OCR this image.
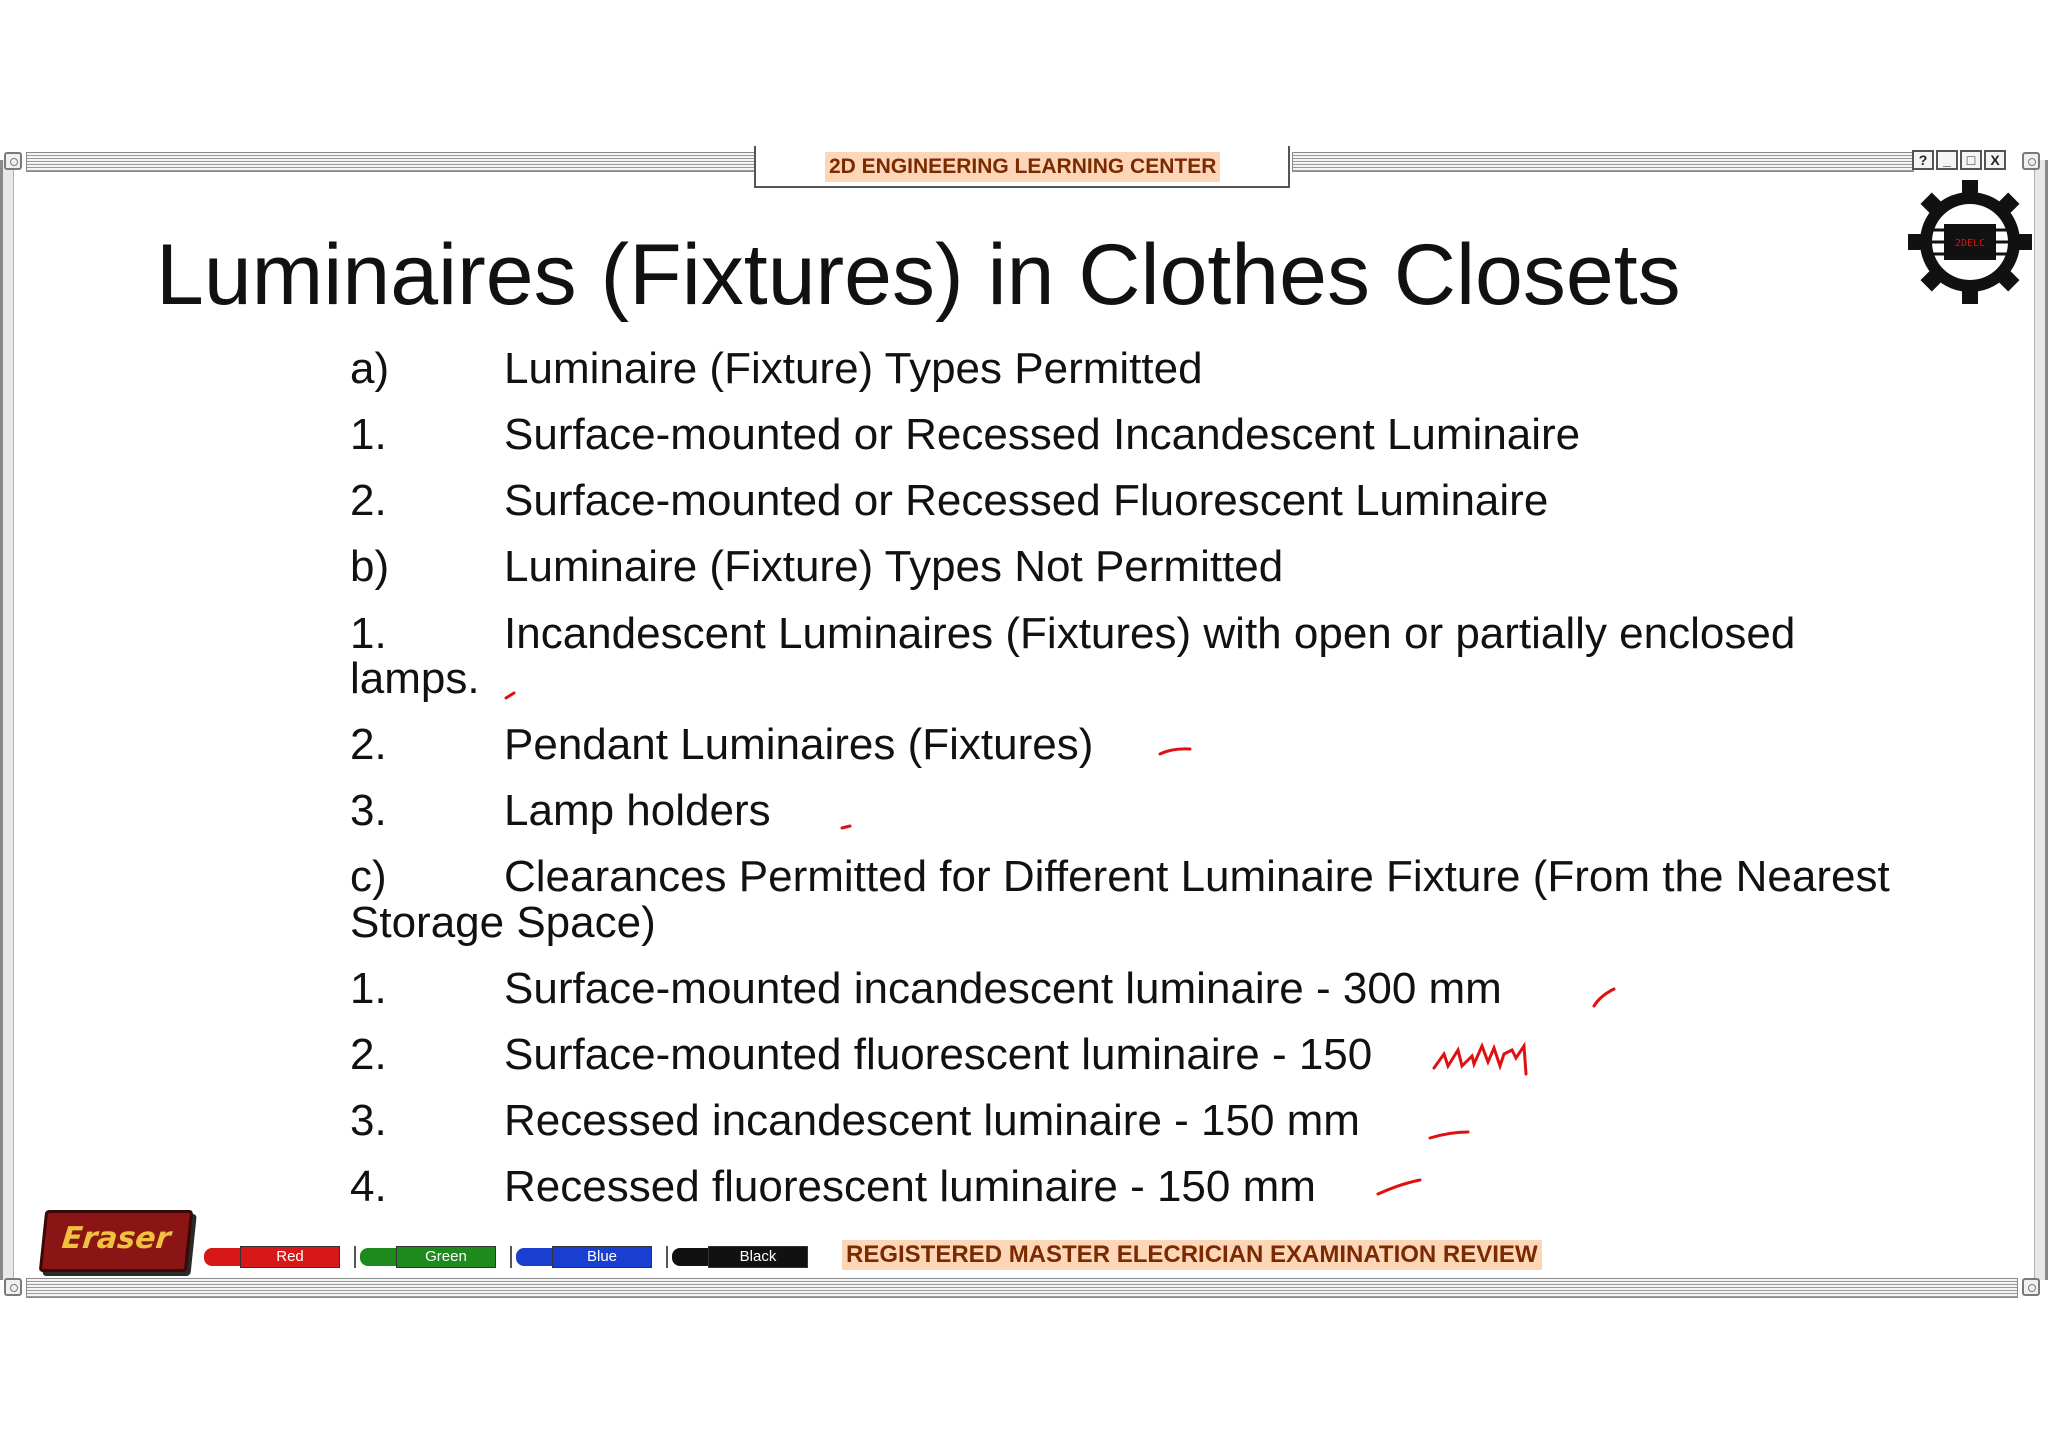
2D ENGINEERING LEARNING CENTER	?	_	□	X
2DELC
Luminaires (Fixtures) in Clothes Closets
a)	Luminaire (Fixture) Types Permitted
1.	Surface-mounted or Recessed Incandescent Luminaire
2.	Surface-mounted or Recessed Fluorescent Luminaire
b)	Luminaire (Fixture) Types Not Permitted
1.	Incandescent Luminaires (Fixtures) with open or partially enclosed
lamps.
2.	Pendant Luminaires (Fixtures)
3.	Lamp holders
c)	Clearances Permitted for Different Luminaire Fixture (From the Nearest
Storage Space)
1.	Surface-mounted incandescent luminaire - 300 mm
2.	Surface-mounted fluorescent luminaire - 150
3.	Recessed incandescent luminaire - 150 mm
4.	Recessed fluorescent luminaire - 150 mm
Eraser
Red	Green	Blue	Black	REGISTERED MASTER ELECRICIAN EXAMINATION REVIEW
